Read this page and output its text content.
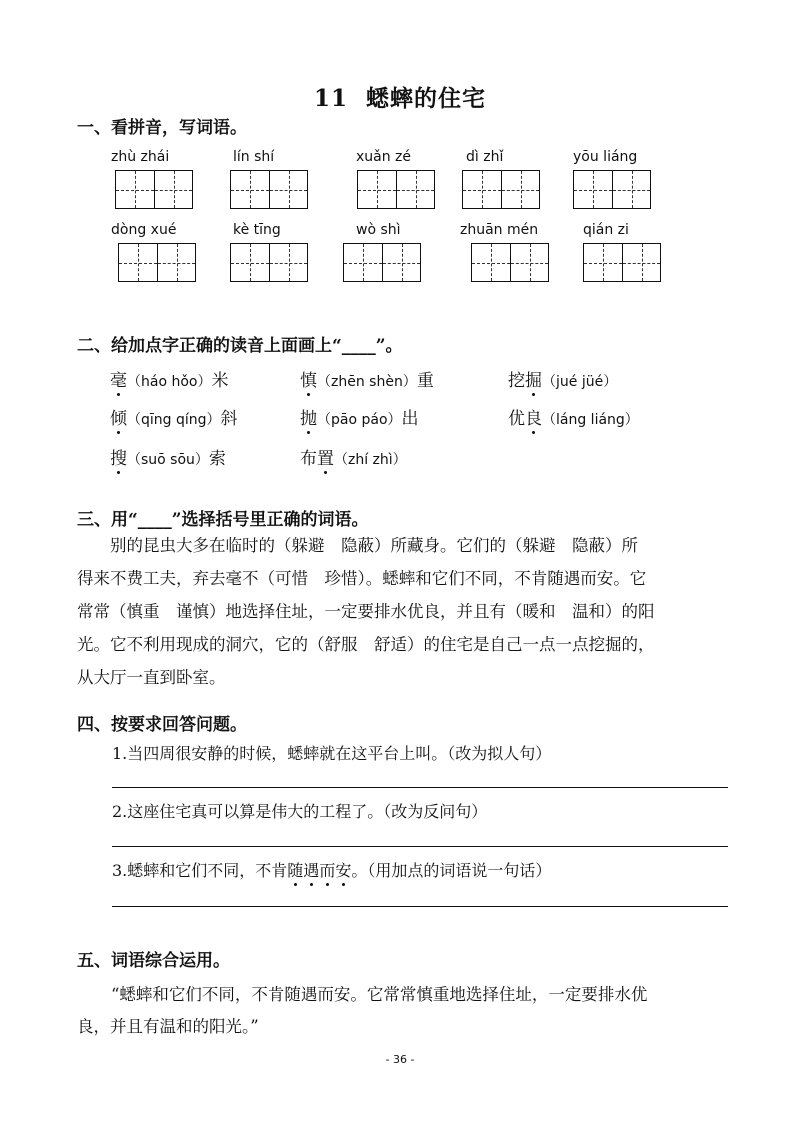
11 蟋蟀的住宅
一、看拼音，写词语。
zhù zhái	lín shí	xuǎn zé	dì zhǐ	yōu liáng
dòng xué	kè tīng	wò shì	zhuān mén	qián zi
二、给加点字正确的读音上面画上“____”。
毫（háo hǒo）米	慎（zhēn shèn）重	挖掘（jué jüé）
倾（qīng qíng）斜	抛（pāo páo）出	优良（láng liáng）
搜（suō sōu）索	布置（zhí zhì）
三、用“____”选择括号里正确的词语。
　　别的昆虫大多在临时的（躲避　隐蔽）所藏身。它们的（躲避　隐蔽）所
得来不费工夫，弃去毫不（可惜　珍惜）。蟋蟀和它们不同，不肯随遇而安。它
常常（慎重　谨慎）地选择住址，一定要排水优良，并且有（暖和　温和）的阳
光。它不利用现成的洞穴，它的（舒服　舒适）的住宅是自己一点一点挖掘的，
从大厅一直到卧室。
四、按要求回答问题。
1.当四周很安静的时候，蟋蟀就在这平台上叫。（改为拟人句）
2.这座住宅真可以算是伟大的工程了。（改为反问句）
3.蟋蟀和它们不同，不肯随遇而安。（用加点的词语说一句话）
五、词语综合运用。
“蟋蟀和它们不同，不肯随遇而安。它常常慎重地选择住址，一定要排水优
良，并且有温和的阳光。”
- 36 -
